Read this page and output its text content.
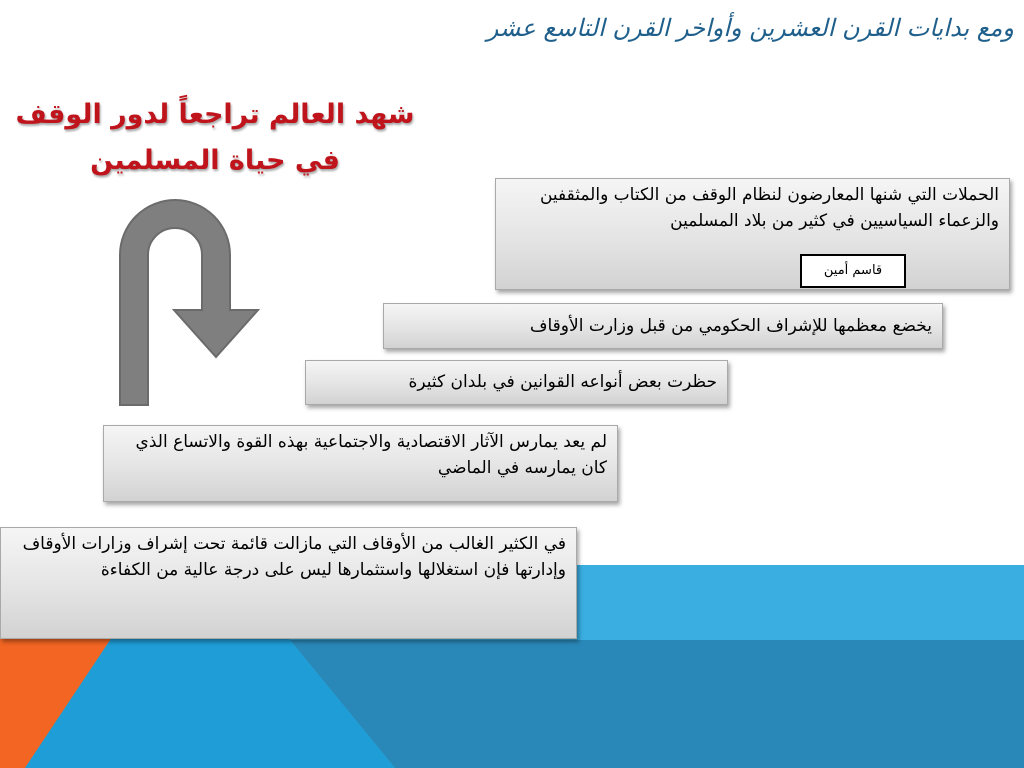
ومع بدايات القرن العشرين وأواخر القرن التاسع عشر
شهد العالم تراجعاً لدور الوقف
في حياة المسلمين
الحملات التي شنها المعارضون لنظام الوقف من الكتاب والمثقفين والزعماء السياسيين في كثير من بلاد المسلمين
يخضع معظمها للإشراف الحكومي من قبل وزارت الأوقاف
حظرت بعض أنواعه القوانين في بلدان كثيرة
لم يعد يمارس الآثار الاقتصادية والاجتماعية بهذه القوة والاتساع الذي كان يمارسه في الماضي
في الكثير الغالب من الأوقاف التي مازالت قائمة تحت إشراف وزارات الأوقاف وإدارتها فإن استغلالها واستثمارها ليس على درجة عالية من الكفاءة
قاسم أمين
